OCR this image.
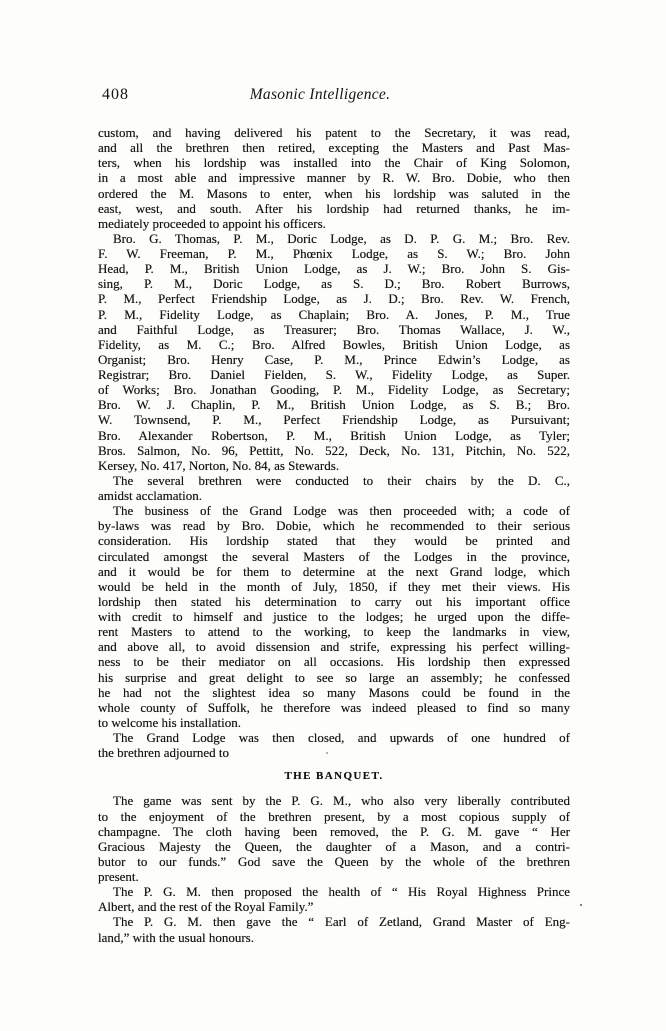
408	Masonic Intelligence.
custom, and having delivered his patent to the Secretary, it was read,
and all the brethren then retired, excepting the Masters and Past Mas-
ters, when his lordship was installed into the Chair of King Solomon,
in a most able and impressive manner by R. W. Bro. Dobie, who then
ordered the M. Masons to enter, when his lordship was saluted in the
east, west, and south. After his lordship had returned thanks, he im-
mediately proceeded to appoint his officers.
Bro. G. Thomas, P. M., Doric Lodge, as D. P. G. M.; Bro. Rev.
F. W. Freeman, P. M., Phœnix Lodge, as S. W.; Bro. John
Head, P. M., British Union Lodge, as J. W.; Bro. John S. Gis-
sing, P. M., Doric Lodge, as S. D.; Bro. Robert Burrows,
P. M., Perfect Friendship Lodge, as J. D.; Bro. Rev. W. French,
P. M., Fidelity Lodge, as Chaplain; Bro. A. Jones, P. M., True
and Faithful Lodge, as Treasurer; Bro. Thomas Wallace, J. W.,
Fidelity, as M. C.; Bro. Alfred Bowles, British Union Lodge, as
Organist; Bro. Henry Case, P. M., Prince Edwin’s Lodge, as
Registrar; Bro. Daniel Fielden, S. W., Fidelity Lodge, as Super.
of Works; Bro. Jonathan Gooding, P. M., Fidelity Lodge, as Secretary;
Bro. W. J. Chaplin, P. M., British Union Lodge, as S. B.; Bro.
W. Townsend, P. M., Perfect Friendship Lodge, as Pursuivant;
Bro. Alexander Robertson, P. M., British Union Lodge, as Tyler;
Bros. Salmon, No. 96, Pettitt, No. 522, Deck, No. 131, Pitchin, No. 522,
Kersey, No. 417, Norton, No. 84, as Stewards.
The several brethren were conducted to their chairs by the D. C.,
amidst acclamation.
The business of the Grand Lodge was then proceeded with; a code of
by-laws was read by Bro. Dobie, which he recommended to their serious
consideration. His lordship stated that they would be printed and
circulated amongst the several Masters of the Lodges in the province,
and it would be for them to determine at the next Grand lodge, which
would be held in the month of July, 1850, if they met their views. His
lordship then stated his determination to carry out his important office
with credit to himself and justice to the lodges; he urged upon the diffe-
rent Masters to attend to the working, to keep the landmarks in view,
and above all, to avoid dissension and strife, expressing his perfect willing-
ness to be their mediator on all occasions. His lordship then expressed
his surprise and great delight to see so large an assembly; he confessed
he had not the slightest idea so many Masons could be found in the
whole county of Suffolk, he therefore was indeed pleased to find so many
to welcome his installation.
The Grand Lodge was then closed, and upwards of one hundred of
the brethren adjourned to
THE BANQUET.
The game was sent by the P. G. M., who also very liberally contributed
to the enjoyment of the brethren present, by a most copious supply of
champagne. The cloth having been removed, the P. G. M. gave “ Her
Gracious Majesty the Queen, the daughter of a Mason, and a contri-
butor to our funds.” God save the Queen by the whole of the brethren
present.
The P. G. M. then proposed the health of “ His Royal Highness Prince
Albert, and the rest of the Royal Family.”
The P. G. M. then gave the “ Earl of Zetland, Grand Master of Eng-
land,” with the usual honours.
